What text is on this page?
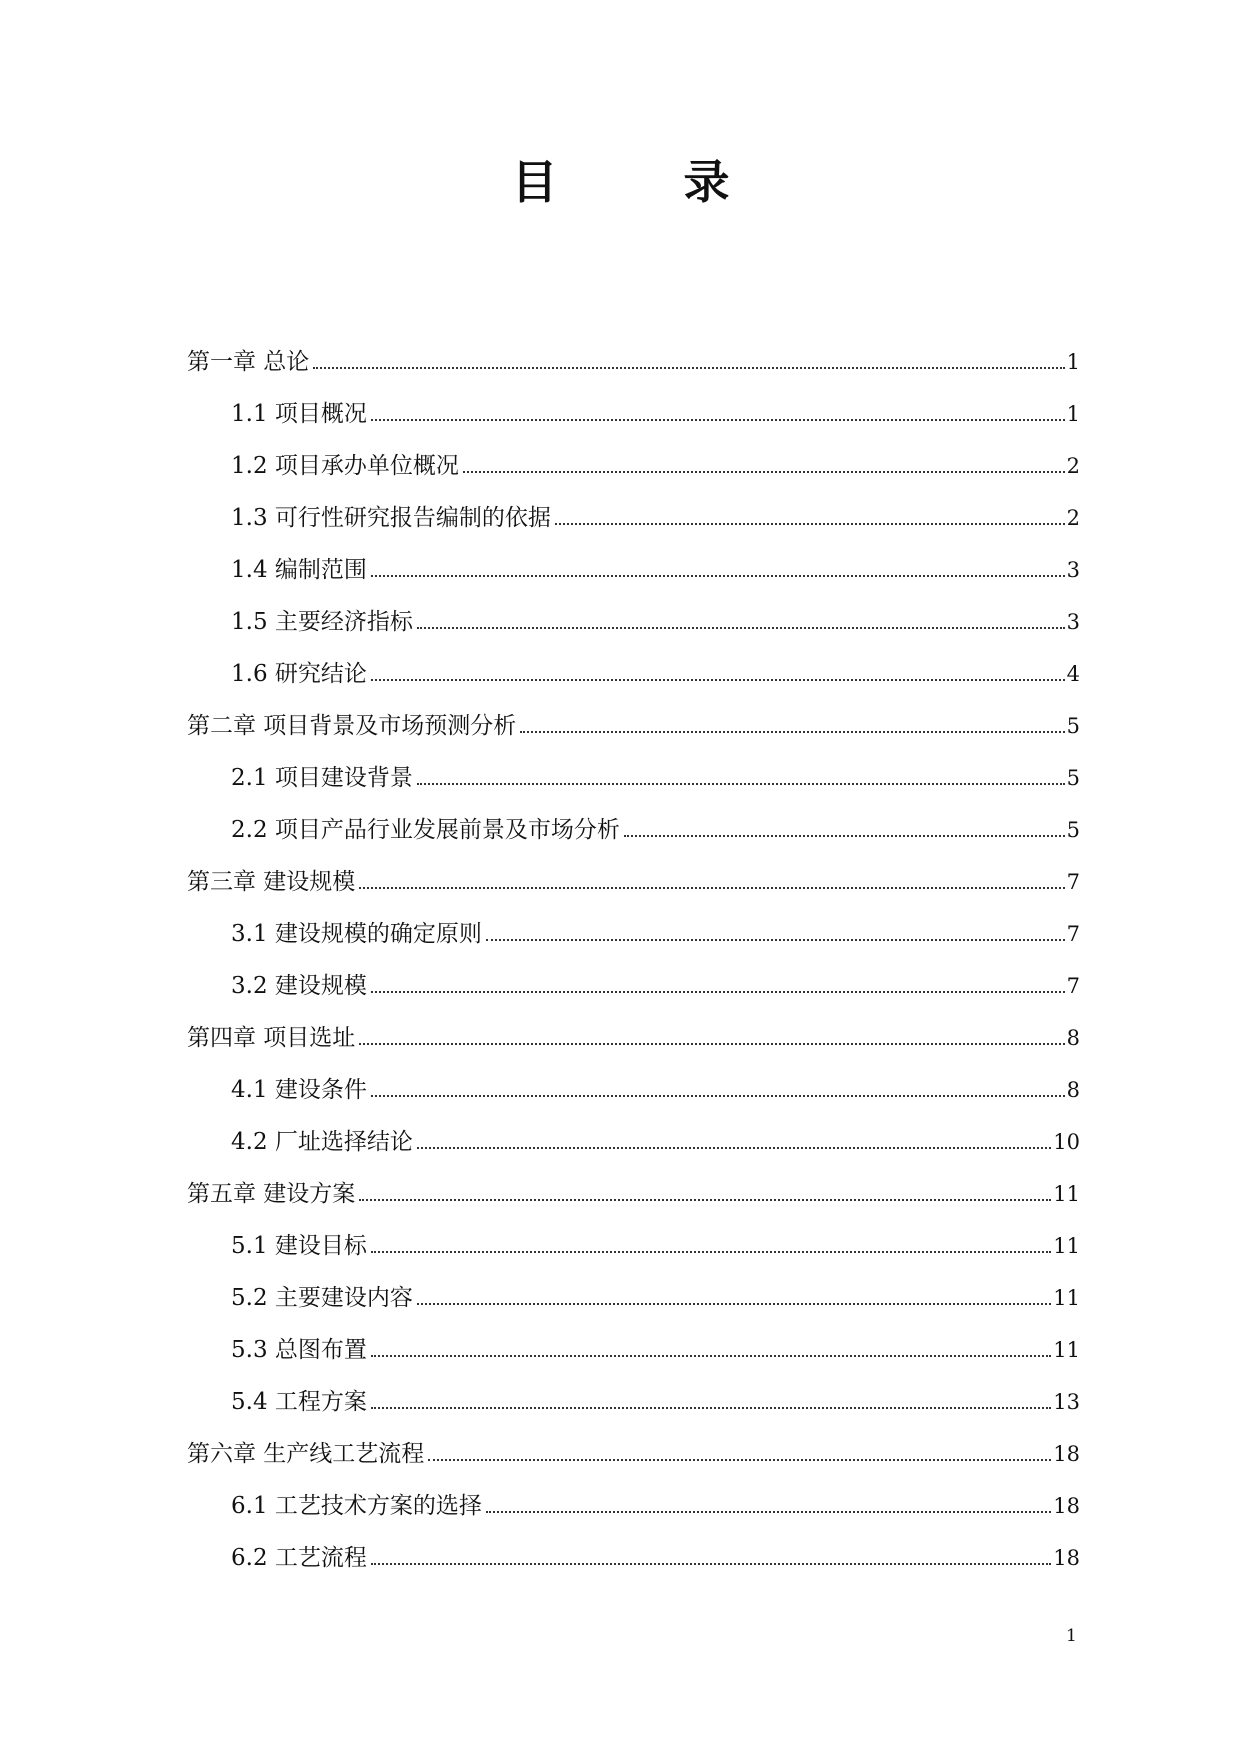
目　录
第一章 总论	1
1.1 项目概况	1
1.2 项目承办单位概况	2
1.3 可行性研究报告编制的依据	2
1.4 编制范围	3
1.5 主要经济指标	3
1.6 研究结论	4
第二章 项目背景及市场预测分析	5
2.1 项目建设背景	5
2.2 项目产品行业发展前景及市场分析	5
第三章 建设规模	7
3.1 建设规模的确定原则	7
3.2 建设规模	7
第四章 项目选址	8
4.1 建设条件	8
4.2 厂址选择结论	10
第五章 建设方案	11
5.1 建设目标	11
5.2 主要建设内容	11
5.3 总图布置	11
5.4 工程方案	13
第六章 生产线工艺流程	18
6.1 工艺技术方案的选择	18
6.2 工艺流程	18
1
